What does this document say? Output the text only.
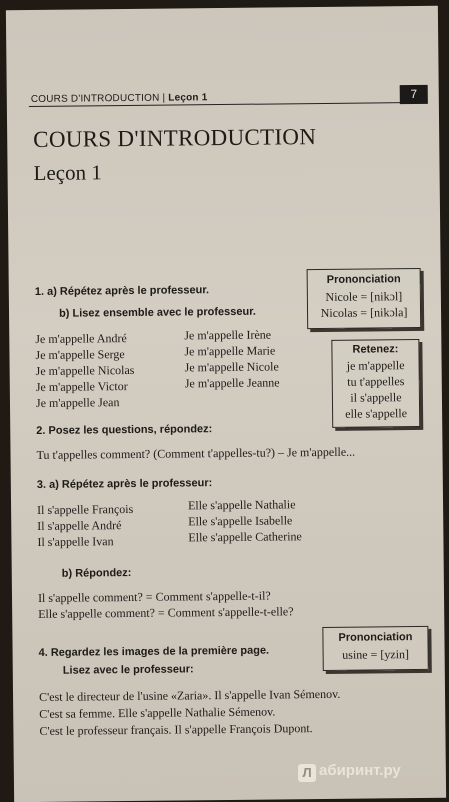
COURS D'INTRODUCTION | Leçon 1	7
COURS D'INTRODUCTION
Leçon 1
1. a) Répétez après le professeur.
b) Lisez ensemble avec le professeur.
Je m'appelle André
Je m'appelle Serge
Je m'appelle Nicolas
Je m'appelle Victor
Je m'appelle Jean
Je m'appelle Irène
Je m'appelle Marie
Je m'appelle Nicole
Je m'appelle Jeanne
Prononciation
Nicole = [nikɔl]
Nicolas = [nikɔla]
Retenez:
je m'appelle
tu t'appelles
il s'appelle
elle s'appelle
2. Posez les questions, répondez:
Tu t'appelles comment? (Comment t'appelles-tu?) – Je m'appelle...
3. a) Répétez après le professeur:
Il s'appelle François
Il s'appelle André
Il s'appelle Ivan
Elle s'appelle Nathalie
Elle s'appelle Isabelle
Elle s'appelle Catherine
b) Répondez:
Il s'appelle comment? = Comment s'appelle-t-il?
Elle s'appelle comment? = Comment s'appelle-t-elle?
4. Regardez les images de la première page.
Lisez avec le professeur:
Prononciation
usine = [yzin]
C'est le directeur de l'usine «Zaria». Il s'appelle Ivan Sémenov.
C'est sa femme. Elle s'appelle Nathalie Sémenov.
C'est le professeur français. Il s'appelle François Dupont.
Л абиринт.ру
